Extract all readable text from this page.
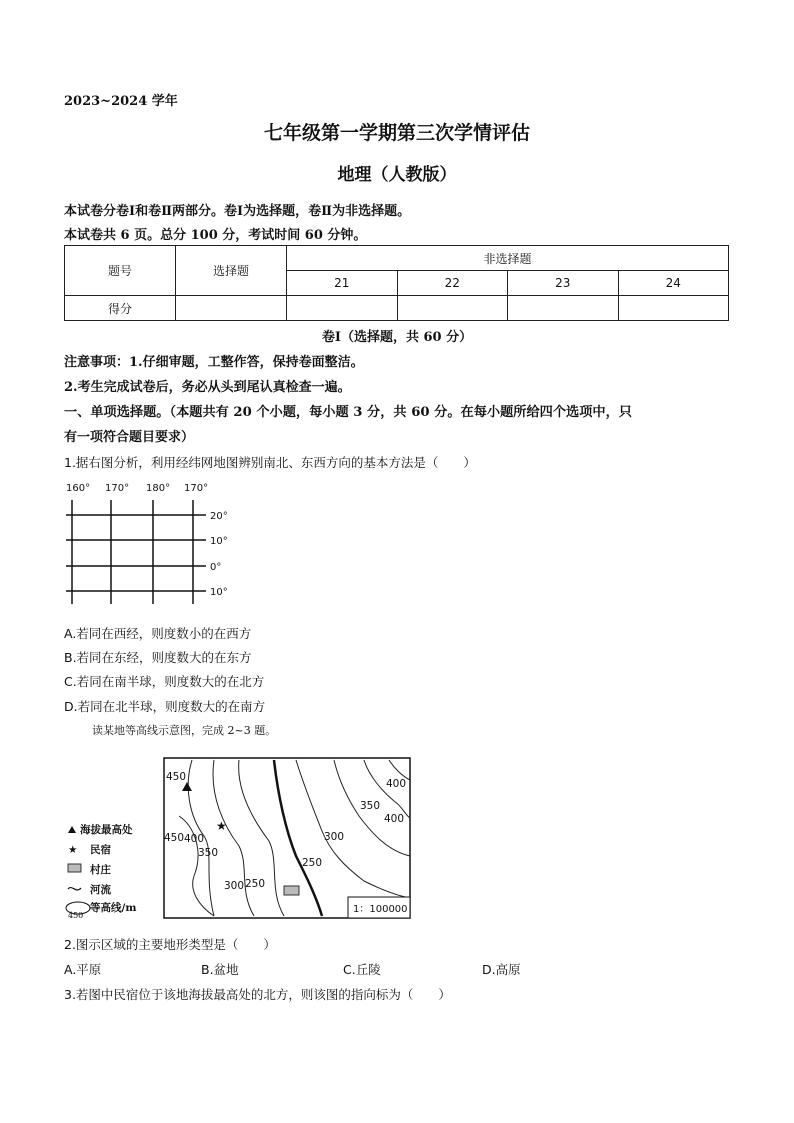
2023~2024 学年
七年级第一学期第三次学情评估
地理（人教版）
本试卷分卷Ⅰ和卷Ⅱ两部分。卷Ⅰ为选择题，卷Ⅱ为非选择题。
本试卷共 6 页。总分 100 分，考试时间 60 分钟。
题号	选择题	非选择题			
		21	22	23	24
得分					
卷Ⅰ（选择题，共 60 分）
注意事项：1.仔细审题，工整作答，保持卷面整洁。
2.考生完成试卷后，务必从头到尾认真检查一遍。
一、单项选择题。（本题共有 20 个小题，每小题 3 分，共 60 分。在每小题所给四个选项中，只
有一项符合题目要求）
1.据右图分析，利用经纬网地图辨别南北、东西方向的基本方法是（　　）
160° 170° 180° 170°
20°
10°
0°
10°
A.若同在西经，则度数小的在西方
B.若同在东经，则度数大的在东方
C.若同在南半球，则度数大的在北方
D.若同在北半球，则度数大的在南方
读某地等高线示意图，完成 2~3 题。
★
450
450 400
350
300 250
250
300
350
400
400
1：100000
海拔最高处
★ 民宿
村庄
河流
450
等高线/m
2.图示区域的主要地形类型是（　　）
A.平原	B.盆地	C.丘陵	D.高原
3.若图中民宿位于该地海拔最高处的北方，则该图的指向标为（　　）
